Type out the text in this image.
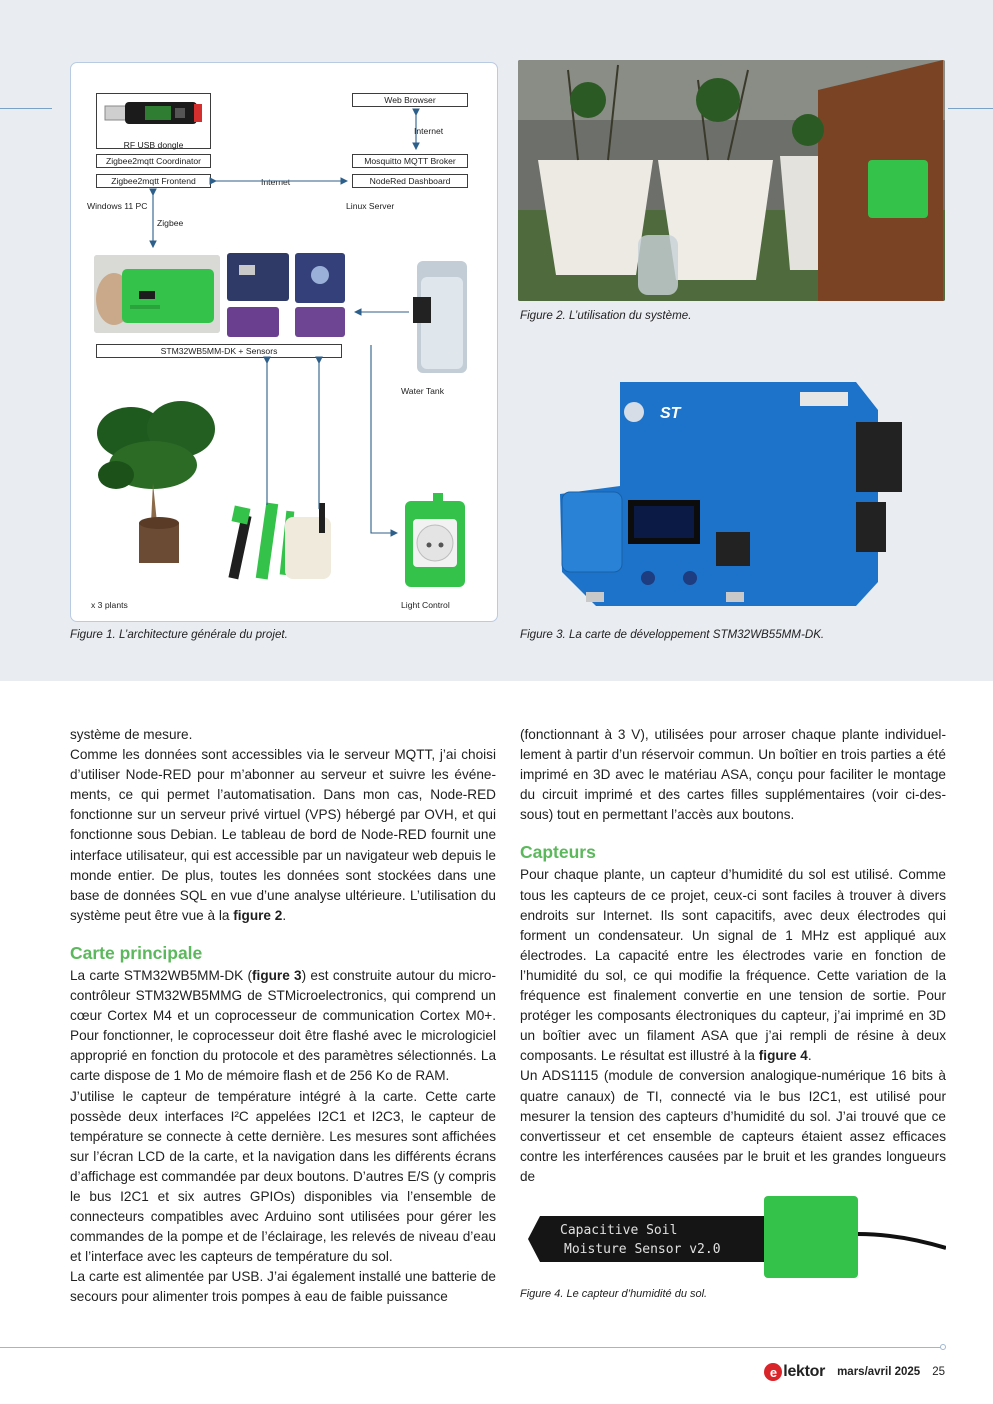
RF USB dongle
Zigbee2mqtt Coordinator
Zigbee2mqtt Frontend
Web Browser
Mosquitto MQTT Broker
NodeRed Dashboard
Internet
Internet
Windows 11 PC	Linux Server
Zigbee
STM32WB5MM-DK + Sensors
Water Tank
x 3 plants	Light Control
Figure 1. L’architecture générale du projet.
Figure 2. L’utilisation du système.
ST
Figure 3. La carte de développement STM32WB55MM-DK.

système de mesure.

Comme les données sont accessibles via le serveur MQTT, j’ai choisi d’utiliser Node-RED pour m’abonner au serveur et suivre les événements, ce qui permet l’automatisation. Dans mon cas, Node-RED fonctionne sur un serveur privé virtuel (VPS) hébergé par OVH, et qui fonctionne sous Debian. Le tableau de bord de Node-RED fournit une interface utilisateur, qui est accessible par un navigateur web depuis le monde entier. De plus, toutes les données sont stockées dans une base de données SQL en vue d’une analyse ultérieure. L’utilisation du système peut être vue à la figure 2.

Carte principale

La carte STM32WB5MM-DK (figure 3) est construite autour du microcontrôleur STM32WB5MMG de STMicroelectronics, qui comprend un cœur Cortex M4 et un coprocesseur de communication Cortex M0+. Pour fonctionner, le coprocesseur doit être flashé avec le micrologiciel approprié en fonction du protocole et des paramètres sélectionnés. La carte dispose de 1 Mo de mémoire flash et de 256 Ko de RAM.

J’utilise le capteur de température intégré à la carte. Cette carte possède deux interfaces I²C appelées I2C1 et I2C3, le capteur de température se connecte à cette dernière. Les mesures sont affichées sur l’écran LCD de la carte, et la navigation dans les différents écrans d’affichage est commandée par deux boutons. D’autres E/S (y compris le bus I2C1 et six autres GPIOs) disponibles via l’ensemble de connecteurs compatibles avec Arduino sont utilisées pour gérer les commandes de la pompe et de l’éclairage, les relevés de niveau d’eau et l’interface avec les capteurs de température du sol.

La carte est alimentée par USB. J’ai également installé une batterie de secours pour alimenter trois pompes à eau de faible puissance

(fonctionnant à 3 V), utilisées pour arroser chaque plante individuellement à partir d’un réservoir commun. Un boîtier en trois parties a été imprimé en 3D avec le matériau ASA, conçu pour faciliter le montage du circuit imprimé et des cartes filles supplémentaires (voir ci-dessous) tout en permettant l’accès aux boutons.

Capteurs

Pour chaque plante, un capteur d’humidité du sol est utilisé. Comme tous les capteurs de ce projet, ceux-ci sont faciles à trouver à divers endroits sur Internet. Ils sont capacitifs, avec deux électrodes qui forment un condensateur. Un signal de 1 MHz est appliqué aux électrodes. La capacité entre les électrodes varie en fonction de l’humidité du sol, ce qui modifie la fréquence. Cette variation de la fréquence est finalement convertie en une tension de sortie. Pour protéger les composants électroniques du capteur, j’ai imprimé en 3D un boîtier avec un filament ASA que j’ai rempli de résine à deux composants. Le résultat est illustré à la figure 4.

Un ADS1115 (module de conversion analogique-numérique 16 bits à quatre canaux) de TI, connecté via le bus I2C1, est utilisé pour mesurer la tension des capteurs d’humidité du sol. J’ai trouvé que ce convertisseur et cet ensemble de capteurs étaient assez efficaces contre les interférences causées par le bruit et les grandes longueurs de

Capacitive Soil
Moisture Sensor v2.0
Figure 4. Le capteur d’humidité du sol.
e lektor mars/avril 2025 25
